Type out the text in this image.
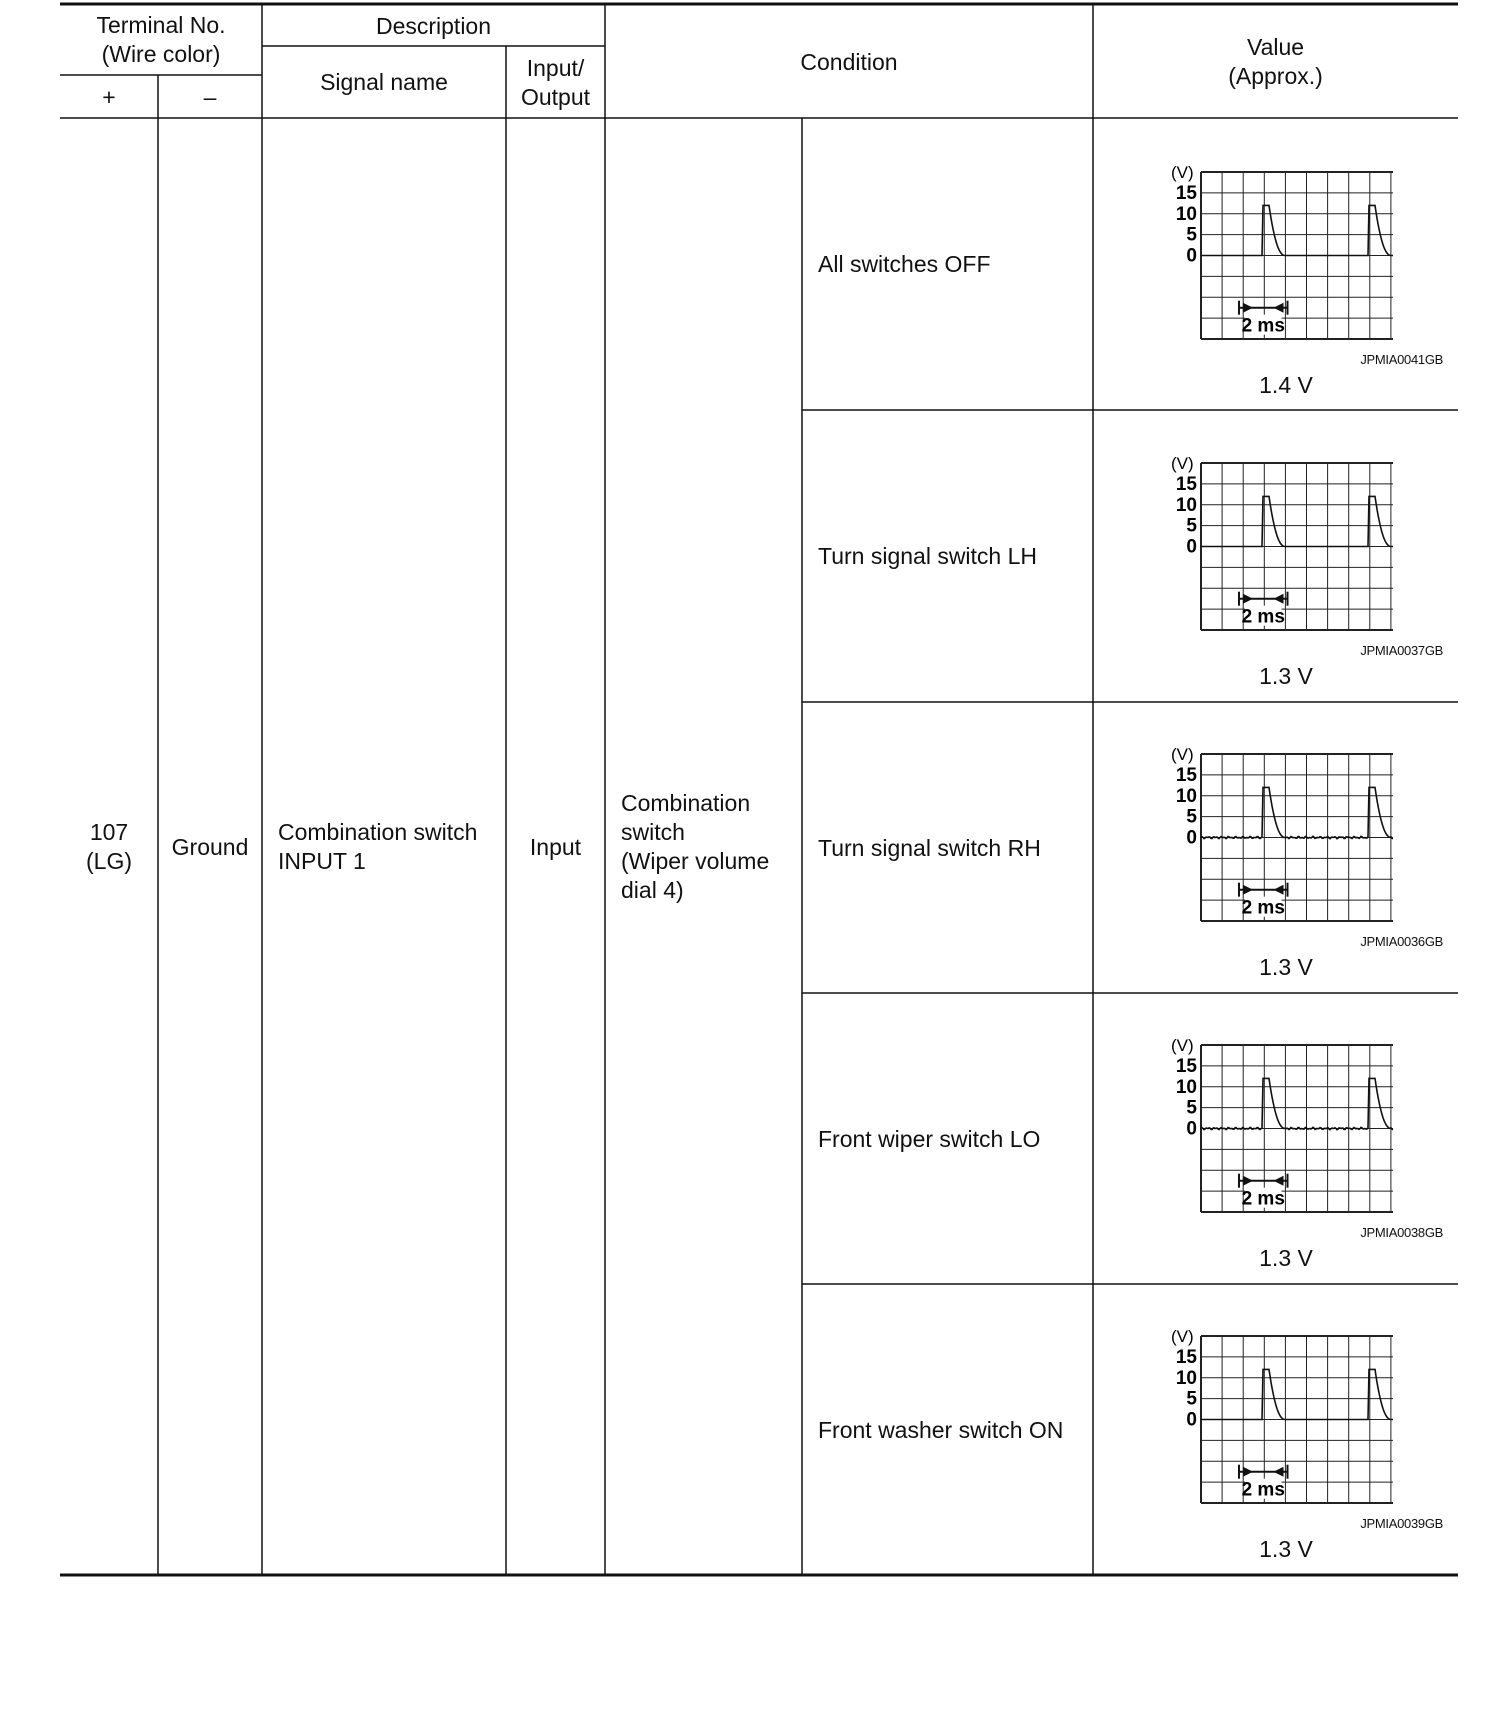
Terminal No.
(Wire color)
+	–
Description
Signal name
Input/
Output
Condition
Value
(Approx.)
107
(LG)
Ground
Combination switch
INPUT 1
Input
Combination
switch
(Wiper volume
dial 4)
All switches OFF
Turn signal switch LH
Turn signal switch RH
Front wiper switch LO
Front washer switch ON
(V)
15
10
5
0
2 ms
(V)
15
10
5
0
2 ms
(V)
15
10
5
0
2 ms
(V)
15
10
5
0
2 ms
(V)
15
10
5
0
2 ms
JPMIA0041GB
1.4 V
JPMIA0037GB
1.3 V
JPMIA0036GB
1.3 V
JPMIA0038GB
1.3 V
JPMIA0039GB
1.3 V
